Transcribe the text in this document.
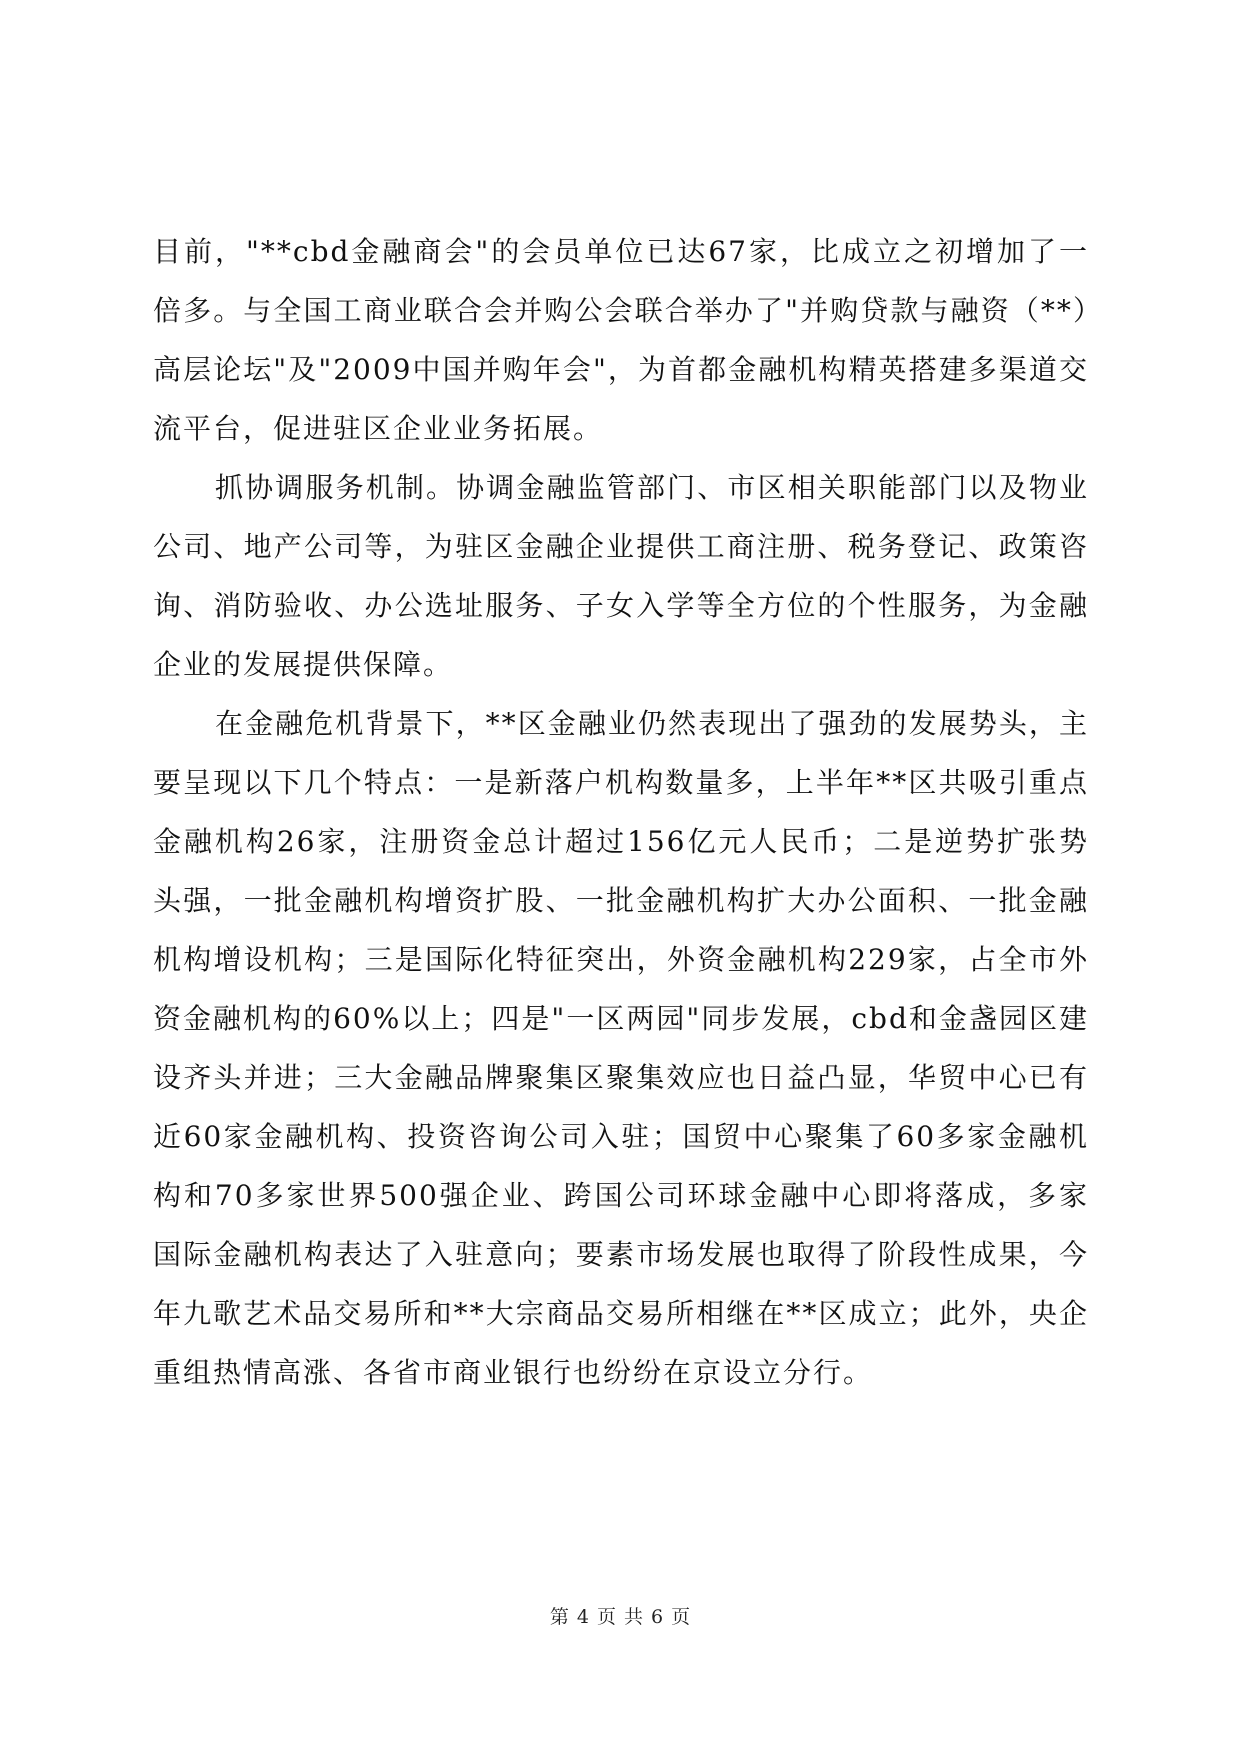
目前，"**cbd金融商会"的会员单位已达67家，比成立之初增加了一倍多。与全国工商业联合会并购公会联合举办了"并购贷款与融资（**）高层论坛"及"2009中国并购年会"，为首都金融机构精英搭建多渠道交流平台，促进驻区企业业务拓展。

抓协调服务机制。协调金融监管部门、市区相关职能部门以及物业公司、地产公司等，为驻区金融企业提供工商注册、税务登记、政策咨询、消防验收、办公选址服务、子女入学等全方位的个性服务，为金融企业的发展提供保障。

在金融危机背景下，**区金融业仍然表现出了强劲的发展势头，主要呈现以下几个特点：一是新落户机构数量多，上半年**区共吸引重点金融机构26家，注册资金总计超过156亿元人民币；二是逆势扩张势头强，一批金融机构增资扩股、一批金融机构扩大办公面积、一批金融机构增设机构；三是国际化特征突出，外资金融机构229家，占全市外资金融机构的60%以上；四是"一区两园"同步发展，cbd和金盏园区建设齐头并进；三大金融品牌聚集区聚集效应也日益凸显，华贸中心已有近60家金融机构、投资咨询公司入驻；国贸中心聚集了60多家金融机构和70多家世界500强企业、跨国公司环球金融中心即将落成，多家国际金融机构表达了入驻意向；要素市场发展也取得了阶段性成果，今年九歌艺术品交易所和**大宗商品交易所相继在**区成立；此外，央企重组热情高涨、各省市商业银行也纷纷在京设立分行。

第 4 页 共 6 页
